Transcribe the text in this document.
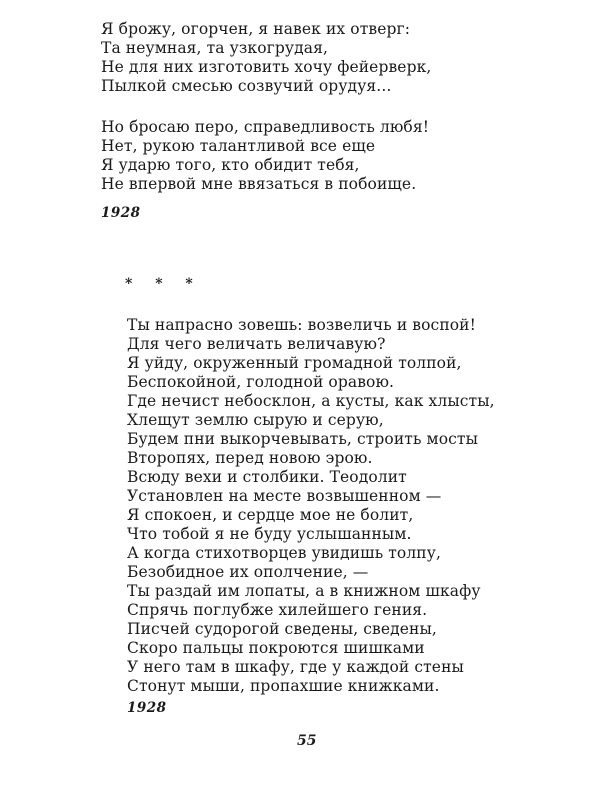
Я брожу, огорчен, я навек их отверг:
Та неумная, та узкогрудая,
Не для них изготовить хочу фейерверк,
Пылкой смесью созвучий орудуя...
Но бросаю перо, справедливость любя!
Нет, рукою талантливой все еще
Я ударю того, кто обидит тебя,
Не впервой мне ввязаться в побоище.
1928
* * *
Ты напрасно зовешь: возвеличь и воспой!
Для чего величать величавую?
Я уйду, окруженный громадной толпой,
Беспокойной, голодной оравою.
Где нечист небосклон, а кусты, как хлысты,
Хлещут землю сырую и серую,
Будем пни выкорчевывать, строить мосты
Второпях, перед новою эрою.
Всюду вехи и столбики. Теодолит
Установлен на месте возвышенном —
Я спокоен, и сердце мое не болит,
Что тобой я не буду услышанным.
А когда стихотворцев увидишь толпу,
Безобидное их ополчение, —
Ты раздай им лопаты, а в книжном шкафу
Спрячь поглубже хилейшего гения.
Писчей судорогой сведены, сведены,
Скоро пальцы покроются шишками
У него там в шкафу, где у каждой стены
Стонут мыши, пропахшие книжками.
1928
55
